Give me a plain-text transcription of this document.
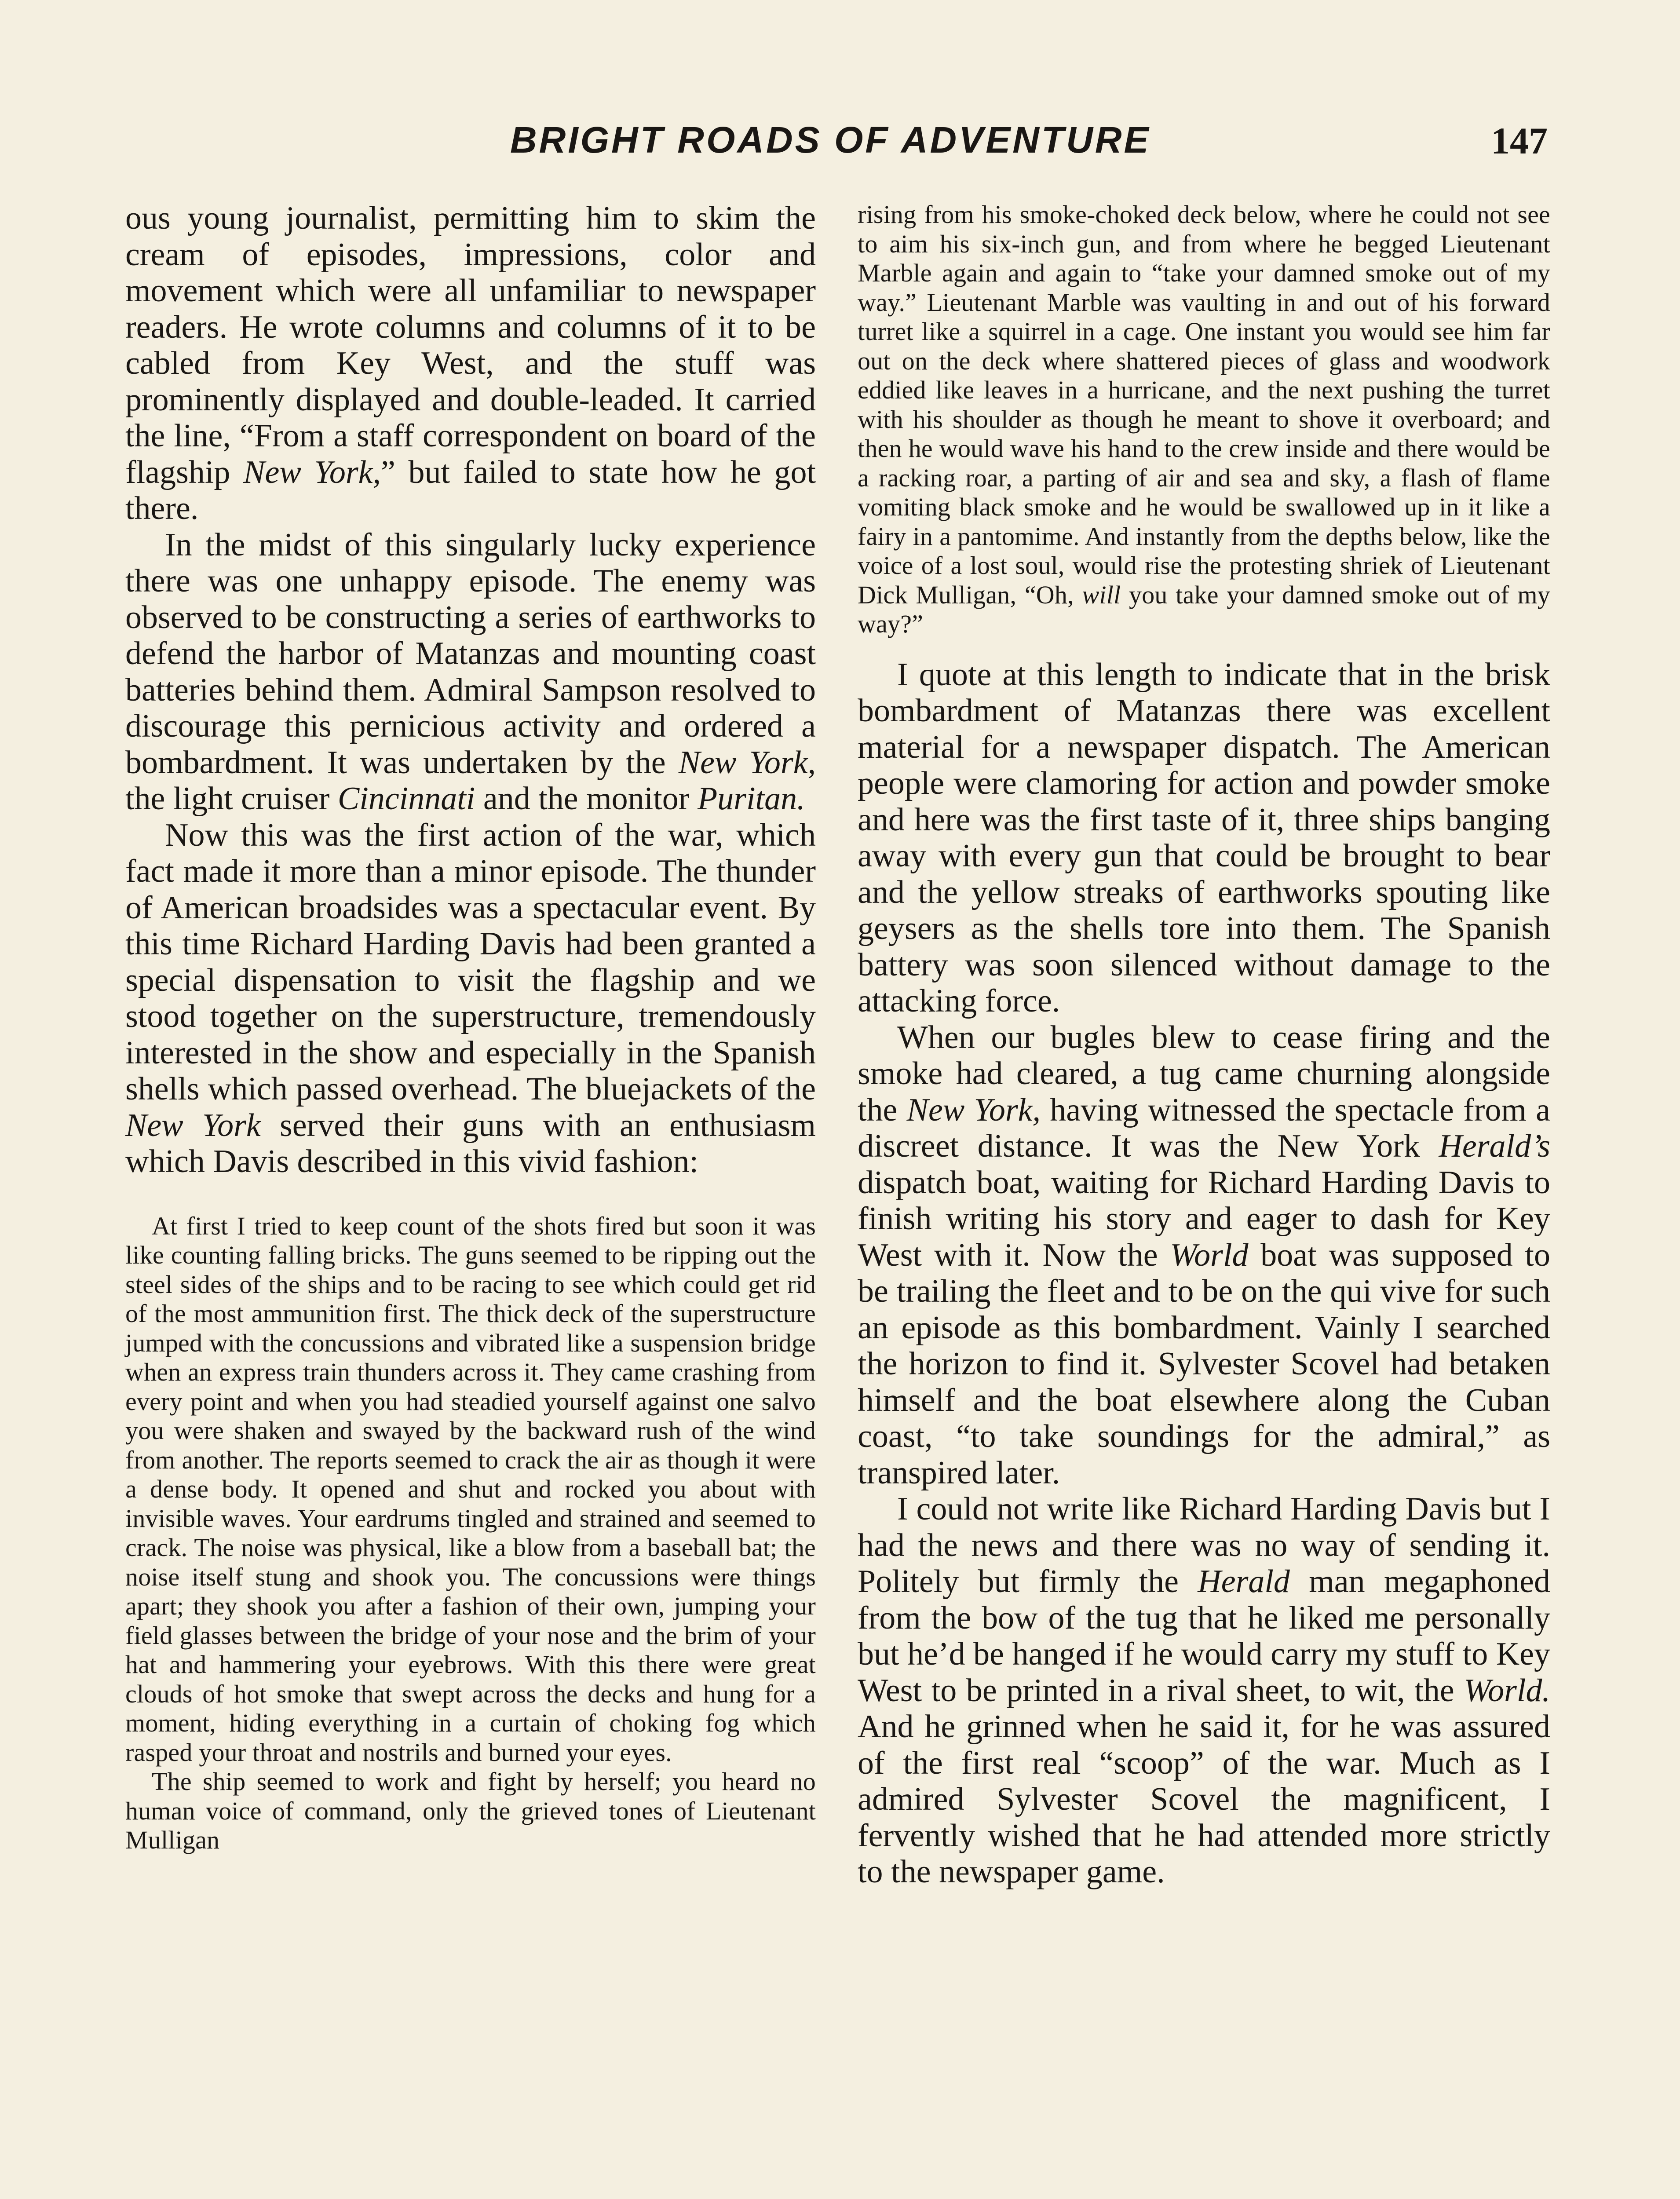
BRIGHT ROADS OF ADVENTURE	147

ous young journalist, permitting him to skim the cream of episodes, impressions, color and movement which were all unfamiliar to newspaper readers. He wrote columns and columns of it to be cabled from Key West, and the stuff was prominently displayed and double-leaded. It carried the line, “From a staff correspondent on board of the flagship New York,” but failed to state how he got there.

In the midst of this singularly lucky experience there was one unhappy episode. The enemy was observed to be constructing a series of earthworks to defend the harbor of Matanzas and mounting coast batteries behind them. Admiral Sampson resolved to discourage this pernicious activity and ordered a bombardment. It was undertaken by the New York, the light cruiser Cincinnati and the monitor Puritan.

Now this was the first action of the war, which fact made it more than a minor episode. The thunder of American broadsides was a spectacular event. By this time Richard Harding Davis had been granted a special dispensation to visit the flagship and we stood together on the superstructure, tremendously interested in the show and especially in the Spanish shells which passed overhead. The bluejackets of the New York served their guns with an enthusiasm which Davis described in this vivid fashion:

At first I tried to keep count of the shots fired but soon it was like counting falling bricks. The guns seemed to be ripping out the steel sides of the ships and to be racing to see which could get rid of the most ammunition first. The thick deck of the superstructure jumped with the concussions and vibrated like a suspension bridge when an express train thunders across it. They came crashing from every point and when you had steadied yourself against one salvo you were shaken and swayed by the backward rush of the wind from another. The reports seemed to crack the air as though it were a dense body. It opened and shut and rocked you about with invisible waves. Your eardrums tingled and strained and seemed to crack. The noise was physical, like a blow from a baseball bat; the noise itself stung and shook you. The concussions were things apart; they shook you after a fashion of their own, jumping your field glasses between the bridge of your nose and the brim of your hat and hammering your eyebrows. With this there were great clouds of hot smoke that swept across the decks and hung for a moment, hiding everything in a curtain of choking fog which rasped your throat and nostrils and burned your eyes.

The ship seemed to work and fight by herself; you heard no human voice of command, only the grieved tones of Lieutenant Mulligan

rising from his smoke-choked deck below, where he could not see to aim his six-inch gun, and from where he begged Lieutenant Marble again and again to “take your damned smoke out of my way.” Lieutenant Marble was vaulting in and out of his forward turret like a squirrel in a cage. One instant you would see him far out on the deck where shattered pieces of glass and woodwork eddied like leaves in a hurricane, and the next pushing the turret with his shoulder as though he meant to shove it overboard; and then he would wave his hand to the crew inside and there would be a racking roar, a parting of air and sea and sky, a flash of flame vomiting black smoke and he would be swallowed up in it like a fairy in a pantomime. And instantly from the depths below, like the voice of a lost soul, would rise the protesting shriek of Lieutenant Dick Mulligan, “Oh, will you take your damned smoke out of my way?”

I quote at this length to indicate that in the brisk bombardment of Matanzas there was excellent material for a newspaper dispatch. The American people were clamoring for action and powder smoke and here was the first taste of it, three ships banging away with every gun that could be brought to bear and the yellow streaks of earthworks spouting like geysers as the shells tore into them. The Spanish battery was soon silenced without damage to the attacking force.

When our bugles blew to cease firing and the smoke had cleared, a tug came churning alongside the New York, having witnessed the spectacle from a discreet distance. It was the New York Herald’s dispatch boat, waiting for Richard Harding Davis to finish writing his story and eager to dash for Key West with it. Now the World boat was supposed to be trailing the fleet and to be on the qui vive for such an episode as this bombardment. Vainly I searched the horizon to find it. Sylvester Scovel had betaken himself and the boat elsewhere along the Cuban coast, “to take soundings for the admiral,” as transpired later.

I could not write like Richard Harding Davis but I had the news and there was no way of sending it. Politely but firmly the Herald man megaphoned from the bow of the tug that he liked me personally but he’d be hanged if he would carry my stuff to Key West to be printed in a rival sheet, to wit, the World. And he grinned when he said it, for he was assured of the first real “scoop” of the war. Much as I admired Sylvester Scovel the magnificent, I fervently wished that he had attended more strictly to the newspaper game.
